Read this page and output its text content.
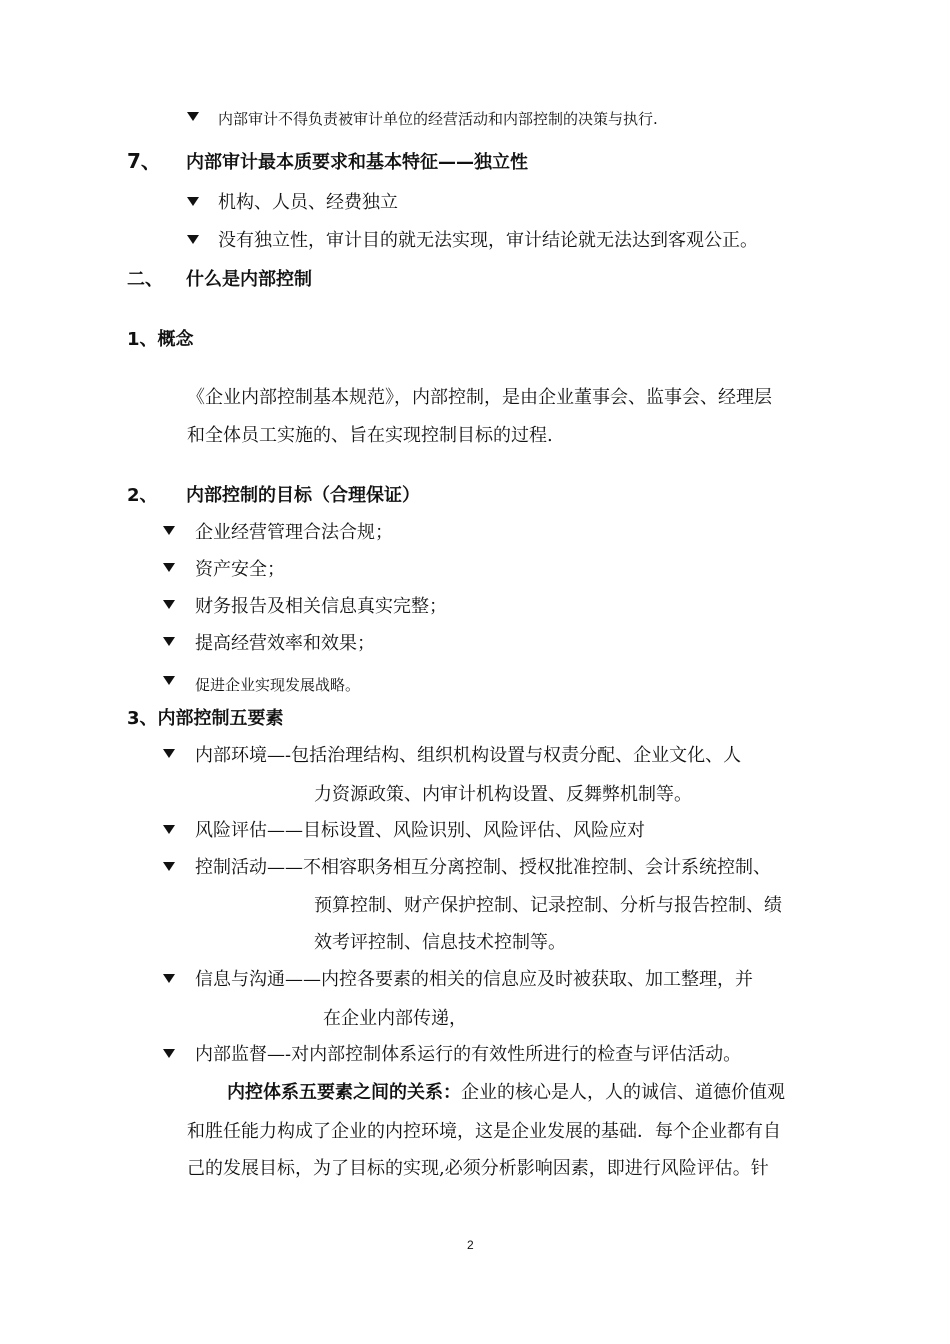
内部审计不得负责被审计单位的经营活动和内部控制的决策与执行.
7、 内部审计最本质要求和基本特征——独立性
机构、人员、经费独立
没有独立性，审计目的就无法实现，审计结论就无法达到客观公正。
二、 什么是内部控制
1、概念
《企业内部控制基本规范》，内部控制，是由企业董事会、监事会、经理层
和全体员工实施的、旨在实现控制目标的过程.
2、 内部控制的目标（合理保证）
企业经营管理合法合规；
资产安全；
财务报告及相关信息真实完整；
提高经营效率和效果；
促进企业实现发展战略。
3、内部控制五要素
内部环境—-包括治理结构、组织机构设置与权责分配、企业文化、人
力资源政策、内审计机构设置、反舞弊机制等。
风险评估——目标设置、风险识别、风险评估、风险应对
控制活动——不相容职务相互分离控制、授权批准控制、会计系统控制、
预算控制、财产保护控制、记录控制、分析与报告控制、绩
效考评控制、信息技术控制等。
信息与沟通——内控各要素的相关的信息应及时被获取、加工整理，并
在企业内部传递，
内部监督—-对内部控制体系运行的有效性所进行的检查与评估活动。
内控体系五要素之间的关系：企业的核心是人，人的诚信、道德价值观
和胜任能力构成了企业的内控环境，这是企业发展的基础．每个企业都有自
己的发展目标，为了目标的实现,必须分析影响因素，即进行风险评估。针
2
